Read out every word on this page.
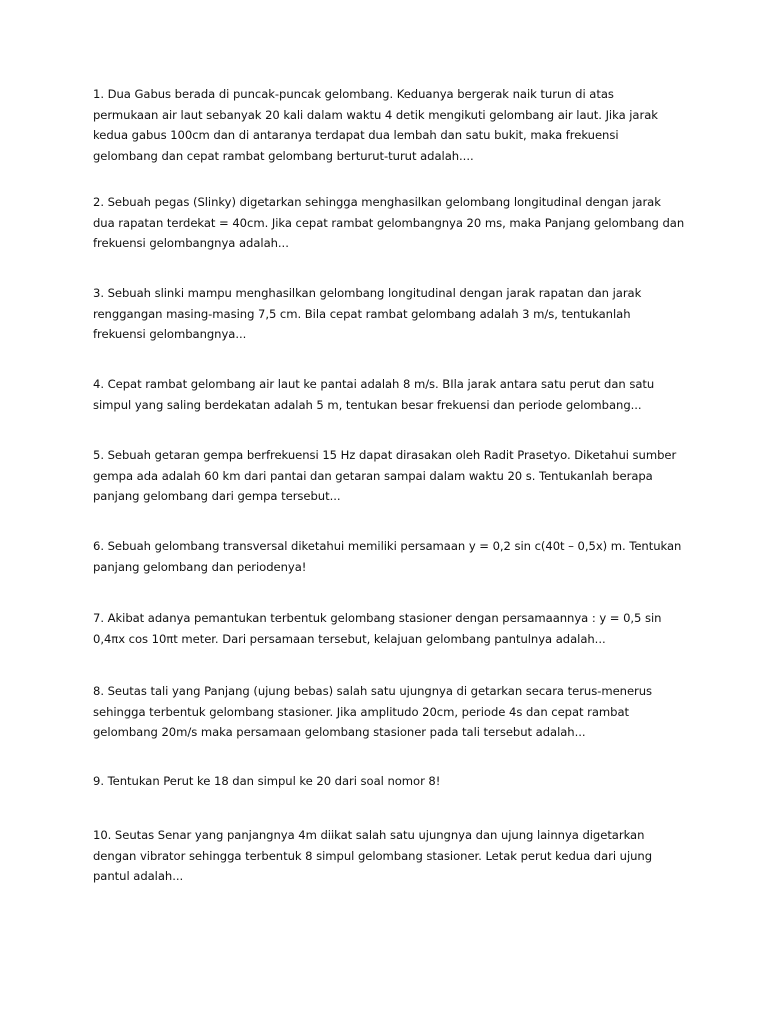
1. Dua Gabus berada di puncak-puncak gelombang. Keduanya bergerak naik turun di atas
permukaan air laut sebanyak 20 kali dalam waktu 4 detik mengikuti gelombang air laut. Jika jarak
kedua gabus 100cm dan di antaranya terdapat dua lembah dan satu bukit, maka frekuensi
gelombang dan cepat rambat gelombang berturut-turut adalah....
2. Sebuah pegas (Slinky) digetarkan sehingga menghasilkan gelombang longitudinal dengan jarak
dua rapatan terdekat = 40cm. Jika cepat rambat gelombangnya 20 ms, maka Panjang gelombang dan
frekuensi gelombangnya adalah...
3. Sebuah slinki mampu menghasilkan gelombang longitudinal dengan jarak rapatan dan jarak
renggangan masing-masing 7,5 cm. Bila cepat rambat gelombang adalah 3 m/s, tentukanlah
frekuensi gelombangnya...
4. Cepat rambat gelombang air laut ke pantai adalah 8 m/s. BIla jarak antara satu perut dan satu
simpul yang saling berdekatan adalah 5 m, tentukan besar frekuensi dan periode gelombang...
5. Sebuah getaran gempa berfrekuensi 15 Hz dapat dirasakan oleh Radit Prasetyo. Diketahui sumber
gempa ada adalah 60 km dari pantai dan getaran sampai dalam waktu 20 s. Tentukanlah berapa
panjang gelombang dari gempa tersebut...
6. Sebuah gelombang transversal diketahui memiliki persamaan y = 0,2 sin c(40t – 0,5x) m. Tentukan
panjang gelombang dan periodenya!
7. Akibat adanya pemantukan terbentuk gelombang stasioner dengan persamaannya : y = 0,5 sin
0,4πx cos 10πt meter. Dari persamaan tersebut, kelajuan gelombang pantulnya adalah...
8. Seutas tali yang Panjang (ujung bebas) salah satu ujungnya di getarkan secara terus-menerus
sehingga terbentuk gelombang stasioner. Jika amplitudo 20cm, periode 4s dan cepat rambat
gelombang 20m/s maka persamaan gelombang stasioner pada tali tersebut adalah...
9. Tentukan Perut ke 18 dan simpul ke 20 dari soal nomor 8!
10. Seutas Senar yang panjangnya 4m diikat salah satu ujungnya dan ujung lainnya digetarkan
dengan vibrator sehingga terbentuk 8 simpul gelombang stasioner. Letak perut kedua dari ujung
pantul adalah...
